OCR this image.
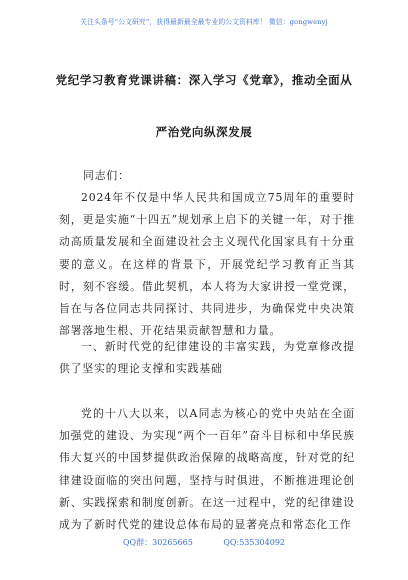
关注头条号“公文研究”，获得最新最全最专业的公文资料库！ 微信：gongwenyj
党纪学习教育党课讲稿：深入学习《党章》，推动全面从
严治党向纵深发展
同志们：
2024年不仅是中华人民共和国成立75周年的重要时刻，更是实施“十四五”规划承上启下的关键一年，对于推动高质量发展和全面建设社会主义现代化国家具有十分重要的意义。在这样的背景下，开展党纪学习教育正当其时，刻不容缓。借此契机，本人将为大家讲授一堂党课，旨在与各位同志共同探讨、共同进步，为确保党中央决策部署落地生根、开花结果贡献智慧和力量。
一、新时代党的纪律建设的丰富实践，为党章修改提供了坚实的理论支撑和实践基础
党的十八大以来，以A同志为核心的党中央站在全面加强党的建设、为实现“两个一百年”奋斗目标和中华民族伟大复兴的中国梦提供政治保障的战略高度，针对党的纪律建设面临的突出问题，坚持与时俱进，不断推进理论创新、实践探索和制度创新。在这一过程中，党的纪律建设成为了新时代党的建设总体布局的显著亮点和常态化工作
QQ群：30265665	QQ:535304092
